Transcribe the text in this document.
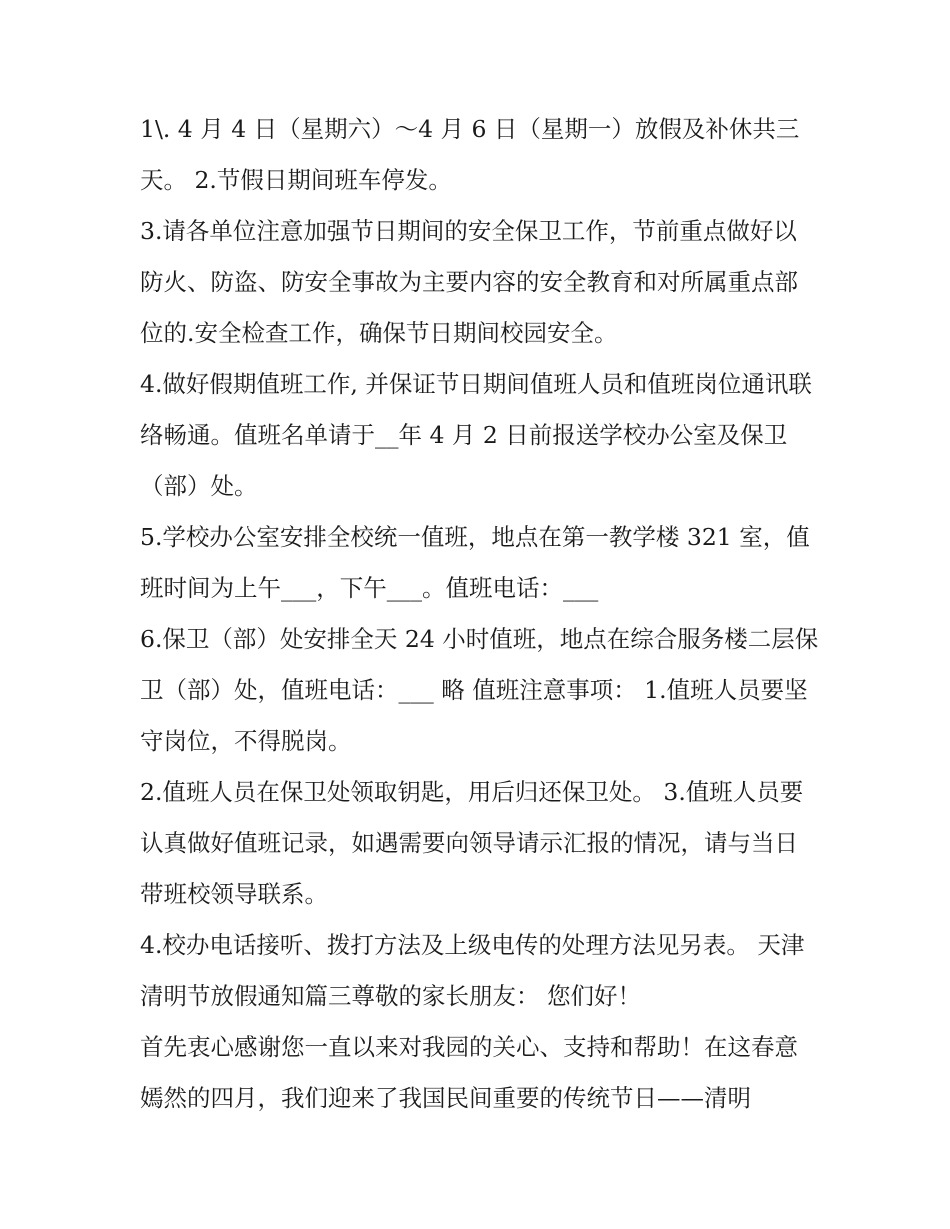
1\. 4 月 4 日（星期六）～4 月 6 日（星期一）放假及补休共三天。 2.节假日期间班车停发。

3.请各单位注意加强节日期间的安全保卫工作，节前重点做好以防火、防盗、防安全事故为主要内容的安全教育和对所属重点部位的.安全检查工作，确保节日期间校园安全。

4.做好假期值班工作, 并保证节日期间值班人员和值班岗位通讯联络畅通。值班名单请于__年 4 月 2 日前报送学校办公室及保卫（部）处。

5.学校办公室安排全校统一值班，地点在第一教学楼 321 室，值班时间为上午___，下午___。值班电话：___

6.保卫（部）处安排全天 24 小时值班，地点在综合服务楼二层保卫（部）处，值班电话：___ 略 值班注意事项： 1.值班人员要坚守岗位，不得脱岗。

2.值班人员在保卫处领取钥匙，用后归还保卫处。 3.值班人员要认真做好值班记录，如遇需要向领导请示汇报的情况，请与当日带班校领导联系。

4.校办电话接听、拨打方法及上级电传的处理方法见另表。 天津清明节放假通知篇三尊敬的家长朋友： 您们好！

首先衷心感谢您一直以来对我园的关心、支持和帮助！在这春意嫣然的四月，我们迎来了我国民间重要的传统节日——清明
